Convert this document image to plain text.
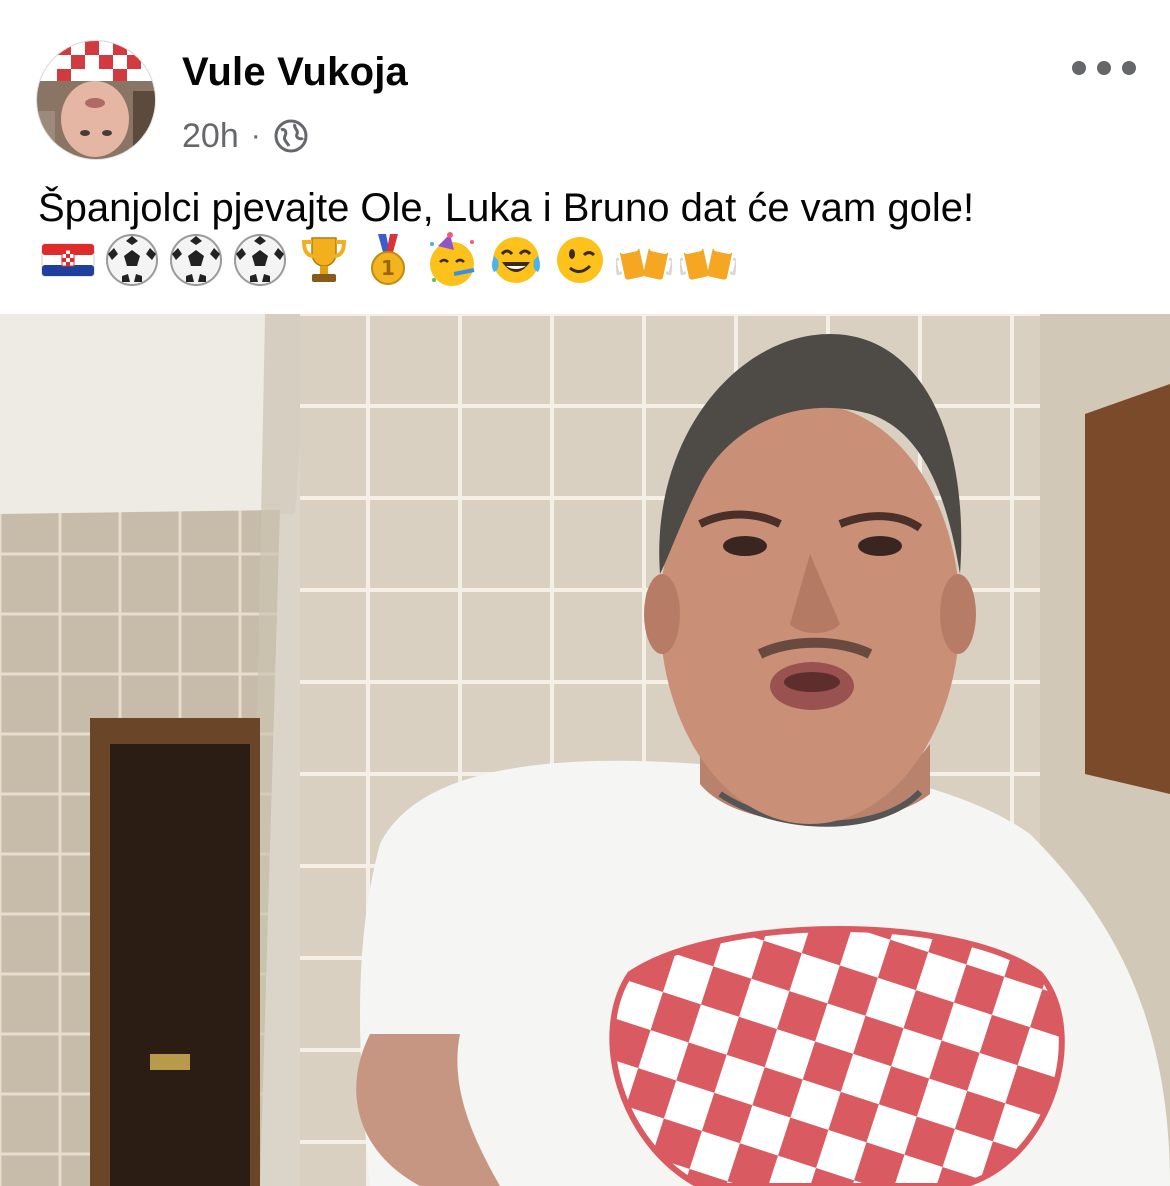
Vule Vukoja
20h ·
Španjolci pjevajte Ole, Luka i Bruno dat će vam gole!
1
